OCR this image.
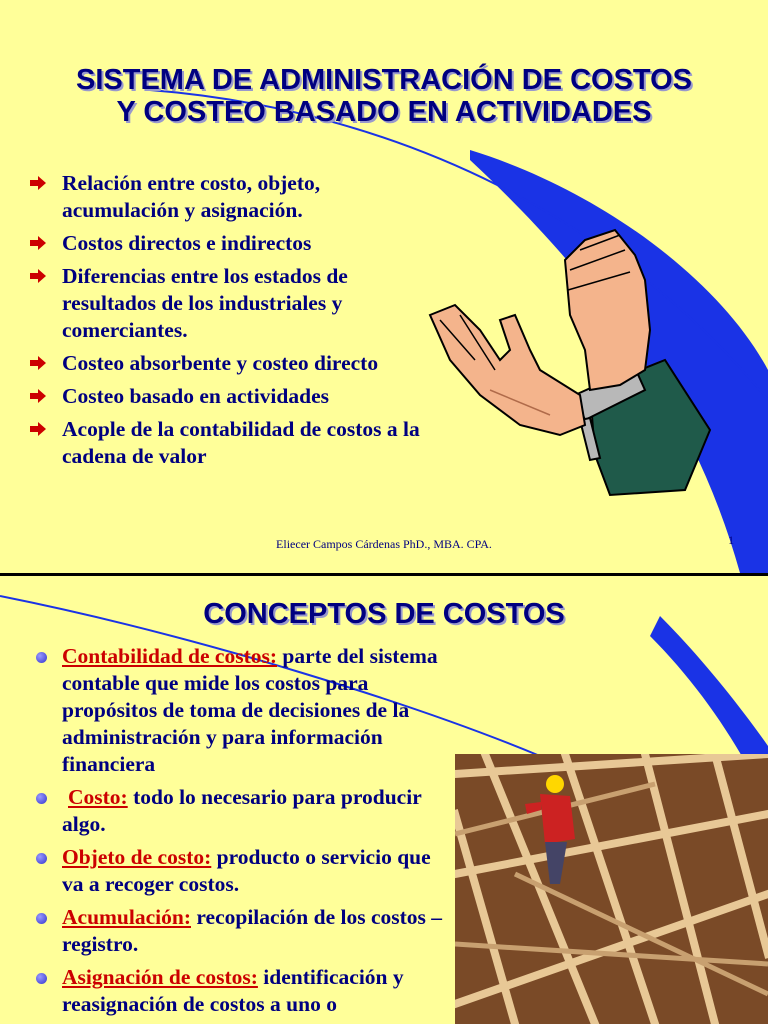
SISTEMA DE ADMINISTRACIÓN DE COSTOS
Y COSTEO BASADO EN ACTIVIDADES
Relación entre costo, objeto, acumulación y asignación.
Costos directos e indirectos
Diferencias entre los estados de resultados de los industriales y comerciantes.
Costeo absorbente y costeo directo
Costeo basado en actividades
Acople de la contabilidad de costos a la cadena de valor
Eliecer Campos Cárdenas PhD., MBA. CPA.	1
CONCEPTOS DE COSTOS
Contabilidad de costos: parte del sistema contable que mide los costos para propósitos de toma de decisiones de la administración y para información financiera
Costo: todo lo necesario para producir algo.
Objeto de costo: producto o servicio que va a recoger costos.
Acumulación: recopilación de los costos – registro.
Asignación de costos: identificación y reasignación de costos a uno o
